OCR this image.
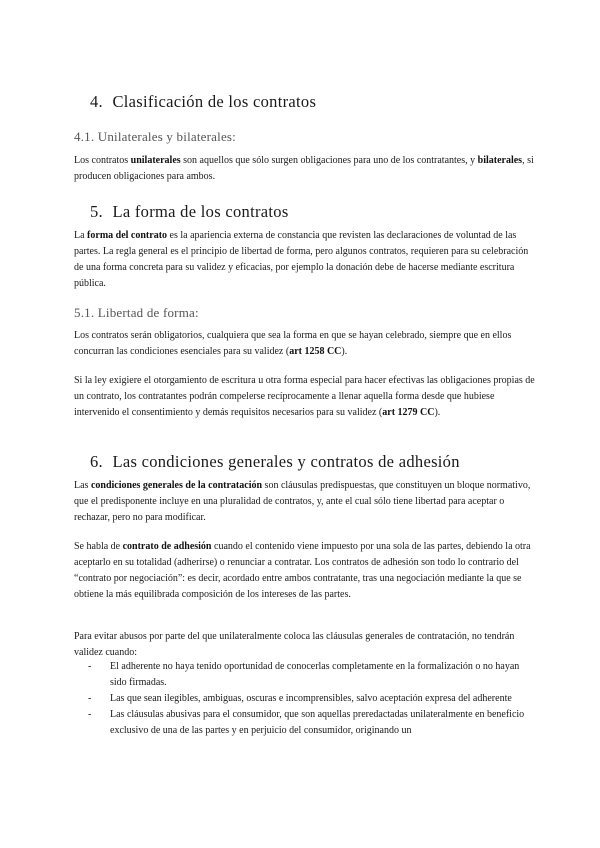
4. Clasificación de los contratos
4.1. Unilaterales y bilaterales:

Los contratos unilaterales son aquellos que sólo surgen obligaciones para uno de los contratantes, y bilaterales, si producen obligaciones para ambos.

5. La forma de los contratos

La forma del contrato es la apariencia externa de constancia que revisten las declaraciones de voluntad de las partes. La regla general es el principio de libertad de forma, pero algunos contratos, requieren para su celebración de una forma concreta para su validez y eficacias, por ejemplo la donación debe de hacerse mediante escritura pública.

5.1. Libertad de forma:

Los contratos serán obligatorios, cualquiera que sea la forma en que se hayan celebrado, siempre que en ellos concurran las condiciones esenciales para su validez (art 1258 CC).

Si la ley exigiere el otorgamiento de escritura u otra forma especial para hacer efectivas las obligaciones propias de un contrato, los contratantes podrán compelerse recíprocamente a llenar aquella forma desde que hubiese intervenido el consentimiento y demás requisitos necesarios para su validez (art 1279 CC).

6. Las condiciones generales y contratos de adhesión

Las condiciones generales de la contratación son cláusulas predispuestas, que constituyen un bloque normativo, que el predisponente incluye en una pluralidad de contratos, y, ante el cual sólo tiene libertad para aceptar o rechazar, pero no para modificar.

Se habla de contrato de adhesión cuando el contenido viene impuesto por una sola de las partes, debiendo la otra aceptarlo en su totalidad (adherirse) o renunciar a contratar. Los contratos de adhesión son todo lo contrario del “contrato por negociación”: es decir, acordado entre ambos contratante, tras una negociación mediante la que se obtiene la más equilibrada composición de los intereses de las partes.

Para evitar abusos por parte del que unilateralmente coloca las cláusulas generales de contratación, no tendrán validez cuando:

- El adherente no haya tenido oportunidad de conocerlas completamente en la formalización o no hayan sido firmadas.
- Las que sean ilegibles, ambiguas, oscuras e incomprensibles, salvo aceptación expresa del adherente
- Las cláusulas abusivas para el consumidor, que son aquellas preredactadas unilateralmente en beneficio exclusivo de una de las partes y en perjuicio del consumidor, originando un
